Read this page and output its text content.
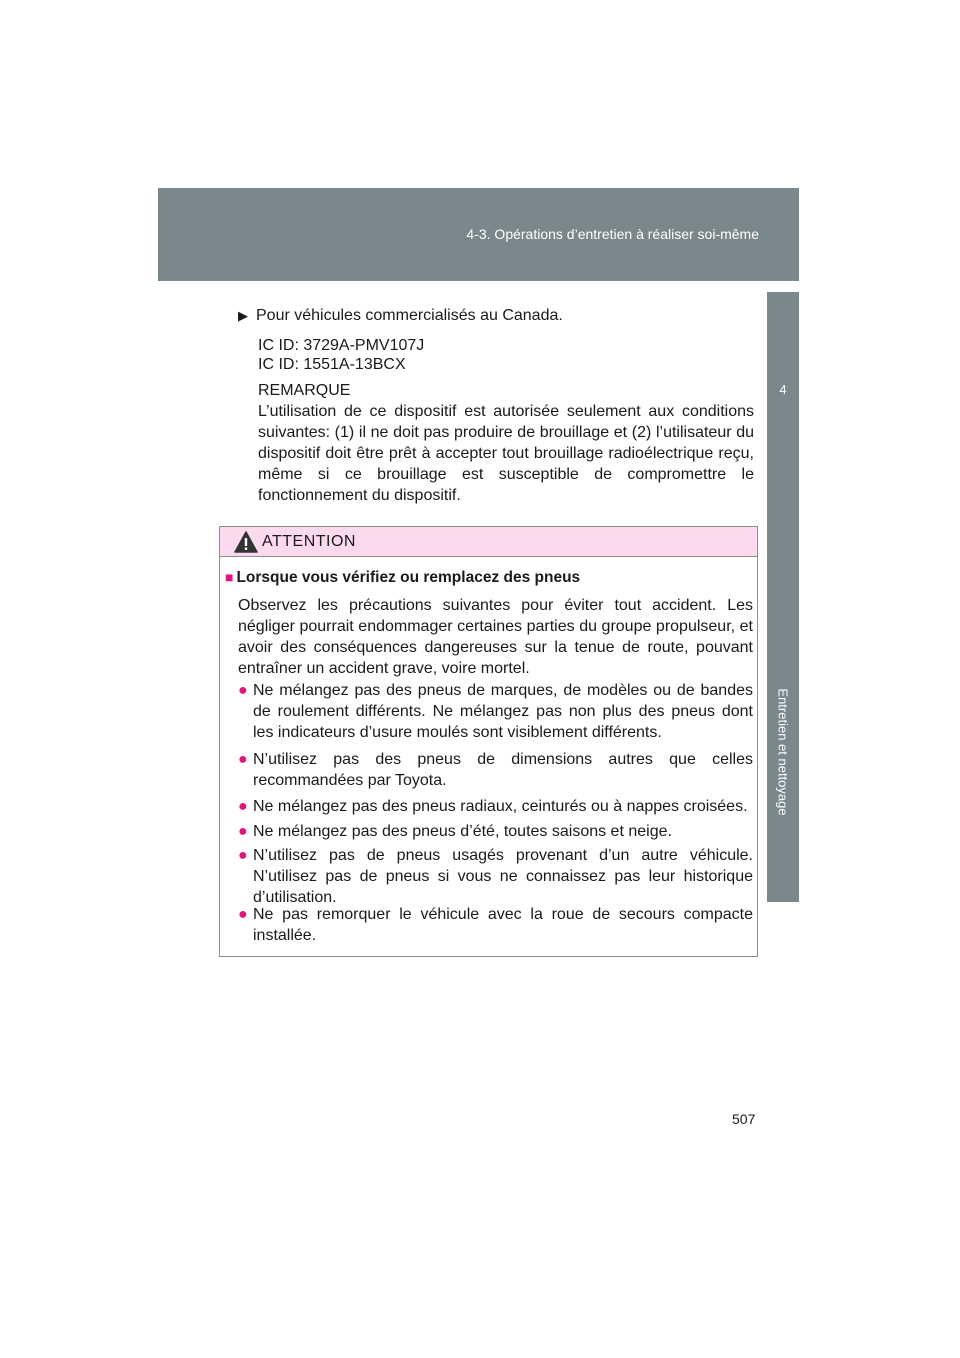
4-3. Opérations d’entretien à réaliser soi-même
4
Entretien et nettoyage
▶ Pour véhicules commercialisés au Canada.
IC ID: 3729A-PMV107J
IC ID: 1551A-13BCX

REMARQUE

L’utilisation de ce dispositif est autorisée seulement aux conditions suivantes: (1) il ne doit pas produire de brouillage et (2) l’utilisateur du dispositif doit être prêt à accepter tout brouillage radioélectrique reçu, même si ce brouillage est susceptible de compromettre le fonctionnement du dispositif.

ATTENTION
■ Lorsque vous vérifiez ou remplacez des pneus

Observez les précautions suivantes pour éviter tout accident. Les négliger pourrait endommager certaines parties du groupe propulseur, et avoir des conséquences dangereuses sur la tenue de route, pouvant entraîner un accident grave, voire mortel.

● Ne mélangez pas des pneus de marques, de modèles ou de bandes de roulement différents. Ne mélangez pas non plus des pneus dont les indicateurs d’usure moulés sont visiblement différents.
● N’utilisez pas des pneus de dimensions autres que celles recommandées par Toyota.
● Ne mélangez pas des pneus radiaux, ceinturés ou à nappes croisées.
● Ne mélangez pas des pneus d’été, toutes saisons et neige.
● N’utilisez pas de pneus usagés provenant d’un autre véhicule. N’utilisez pas de pneus si vous ne connaissez pas leur historique d’utilisation.
● Ne pas remorquer le véhicule avec la roue de secours compacte installée.
507
